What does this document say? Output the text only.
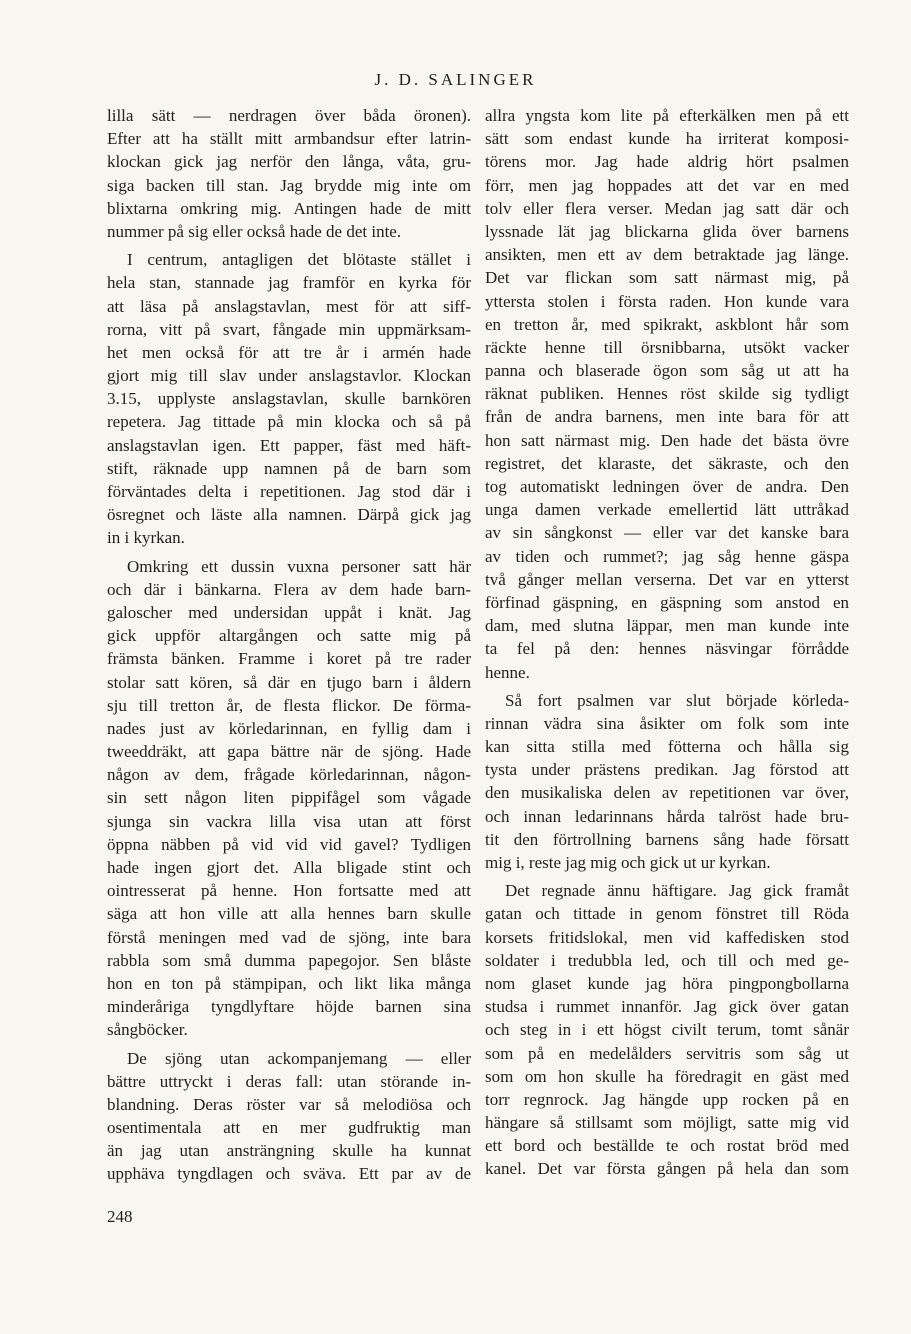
J. D. SALINGER
lilla sätt — nerdragen över båda öronen).
Efter att ha ställt mitt armbandsur efter latrin-
klockan gick jag nerför den långa, våta, gru-
siga backen till stan. Jag brydde mig inte om
blixtarna omkring mig. Antingen hade de mitt
nummer på sig eller också hade de det inte.
I centrum, antagligen det blötaste stället i
hela stan, stannade jag framför en kyrka för
att läsa på anslagstavlan, mest för att siff-
rorna, vitt på svart, fångade min uppmärksam-
het men också för att tre år i armén hade
gjort mig till slav under anslagstavlor. Klockan
3.15, upplyste anslagstavlan, skulle barnkören
repetera. Jag tittade på min klocka och så på
anslagstavlan igen. Ett papper, fäst med häft-
stift, räknade upp namnen på de barn som
förväntades delta i repetitionen. Jag stod där i
ösregnet och läste alla namnen. Därpå gick jag
in i kyrkan.
Omkring ett dussin vuxna personer satt här
och där i bänkarna. Flera av dem hade barn-
galoscher med undersidan uppåt i knät. Jag
gick uppför altargången och satte mig på
främsta bänken. Framme i koret på tre rader
stolar satt kören, så där en tjugo barn i åldern
sju till tretton år, de flesta flickor. De förma-
nades just av körledarinnan, en fyllig dam i
tweeddräkt, att gapa bättre när de sjöng. Hade
någon av dem, frågade körledarinnan, någon-
sin sett någon liten pippifågel som vågade
sjunga sin vackra lilla visa utan att först
öppna näbben på vid vid vid gavel? Tydligen
hade ingen gjort det. Alla bligade stint och
ointresserat på henne. Hon fortsatte med att
säga att hon ville att alla hennes barn skulle
förstå meningen med vad de sjöng, inte bara
rabbla som små dumma papegojor. Sen blåste
hon en ton på stämpipan, och likt lika många
minderåriga tyngdlyftare höjde barnen sina
sångböcker.
De sjöng utan ackompanjemang — eller
bättre uttryckt i deras fall: utan störande in-
blandning. Deras röster var så melodiösa och
osentimentala att en mer gudfruktig man
än jag utan ansträngning skulle ha kunnat
upphäva tyngdlagen och sväva. Ett par av de
allra yngsta kom lite på efterkälken men på ett
sätt som endast kunde ha irriterat komposi-
törens mor. Jag hade aldrig hört psalmen
förr, men jag hoppades att det var en med
tolv eller flera verser. Medan jag satt där och
lyssnade lät jag blickarna glida över barnens
ansikten, men ett av dem betraktade jag länge.
Det var flickan som satt närmast mig, på
yttersta stolen i första raden. Hon kunde vara
en tretton år, med spikrakt, askblont hår som
räckte henne till örsnibbarna, utsökt vacker
panna och blaserade ögon som såg ut att ha
räknat publiken. Hennes röst skilde sig tydligt
från de andra barnens, men inte bara för att
hon satt närmast mig. Den hade det bästa övre
registret, det klaraste, det säkraste, och den
tog automatiskt ledningen över de andra. Den
unga damen verkade emellertid lätt uttråkad
av sin sångkonst — eller var det kanske bara
av tiden och rummet?; jag såg henne gäspa
två gånger mellan verserna. Det var en ytterst
förfinad gäspning, en gäspning som anstod en
dam, med slutna läppar, men man kunde inte
ta fel på den: hennes näsvingar förrådde
henne.
Så fort psalmen var slut började körleda-
rinnan vädra sina åsikter om folk som inte
kan sitta stilla med fötterna och hålla sig
tysta under prästens predikan. Jag förstod att
den musikaliska delen av repetitionen var över,
och innan ledarinnans hårda talröst hade bru-
tit den förtrollning barnens sång hade försatt
mig i, reste jag mig och gick ut ur kyrkan.
Det regnade ännu häftigare. Jag gick framåt
gatan och tittade in genom fönstret till Röda
korsets fritidslokal, men vid kaffedisken stod
soldater i tredubbla led, och till och med ge-
nom glaset kunde jag höra pingpongbollarna
studsa i rummet innanför. Jag gick över gatan
och steg in i ett högst civilt terum, tomt sånär
som på en medelålders servitris som såg ut
som om hon skulle ha föredragit en gäst med
torr regnrock. Jag hängde upp rocken på en
hängare så stillsamt som möjligt, satte mig vid
ett bord och beställde te och rostat bröd med
kanel. Det var första gången på hela dan som
248
